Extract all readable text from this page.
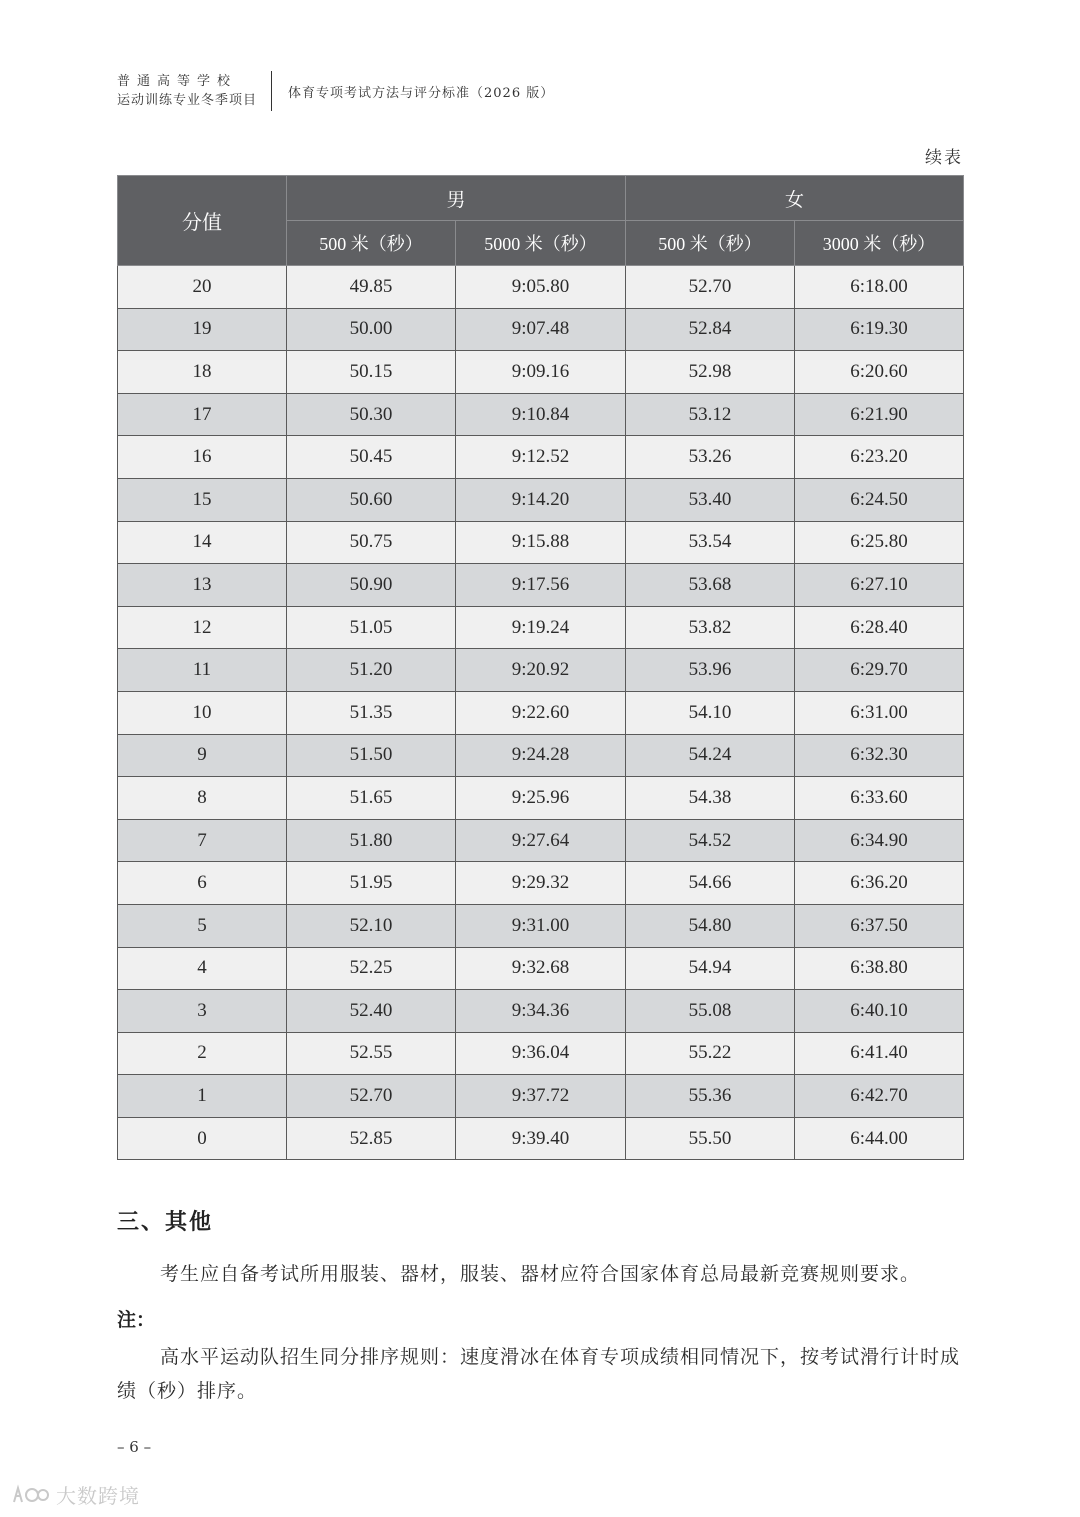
普通高等学校
运动训练专业冬季项目 体育专项考试方法与评分标准（2026 版）
续表
分值	男		女	
	500 米（秒）	5000 米（秒）	500 米（秒）	3000 米（秒）
20	49.85	9:05.80	52.70	6:18.00
19	50.00	9:07.48	52.84	6:19.30
18	50.15	9:09.16	52.98	6:20.60
17	50.30	9:10.84	53.12	6:21.90
16	50.45	9:12.52	53.26	6:23.20
15	50.60	9:14.20	53.40	6:24.50
14	50.75	9:15.88	53.54	6:25.80
13	50.90	9:17.56	53.68	6:27.10
12	51.05	9:19.24	53.82	6:28.40
11	51.20	9:20.92	53.96	6:29.70
10	51.35	9:22.60	54.10	6:31.00
9	51.50	9:24.28	54.24	6:32.30
8	51.65	9:25.96	54.38	6:33.60
7	51.80	9:27.64	54.52	6:34.90
6	51.95	9:29.32	54.66	6:36.20
5	52.10	9:31.00	54.80	6:37.50
4	52.25	9:32.68	54.94	6:38.80
3	52.40	9:34.36	55.08	6:40.10
2	52.55	9:36.04	55.22	6:41.40
1	52.70	9:37.72	55.36	6:42.70
0	52.85	9:39.40	55.50	6:44.00
三、其他
考生应自备考试所用服装、器材，服装、器材应符合国家体育总局最新竞赛规则要求。
注：
高水平运动队招生同分排序规则：速度滑冰在体育专项成绩相同情况下，按考试滑行计时成绩（秒）排序。
– 6 –
大数跨境
